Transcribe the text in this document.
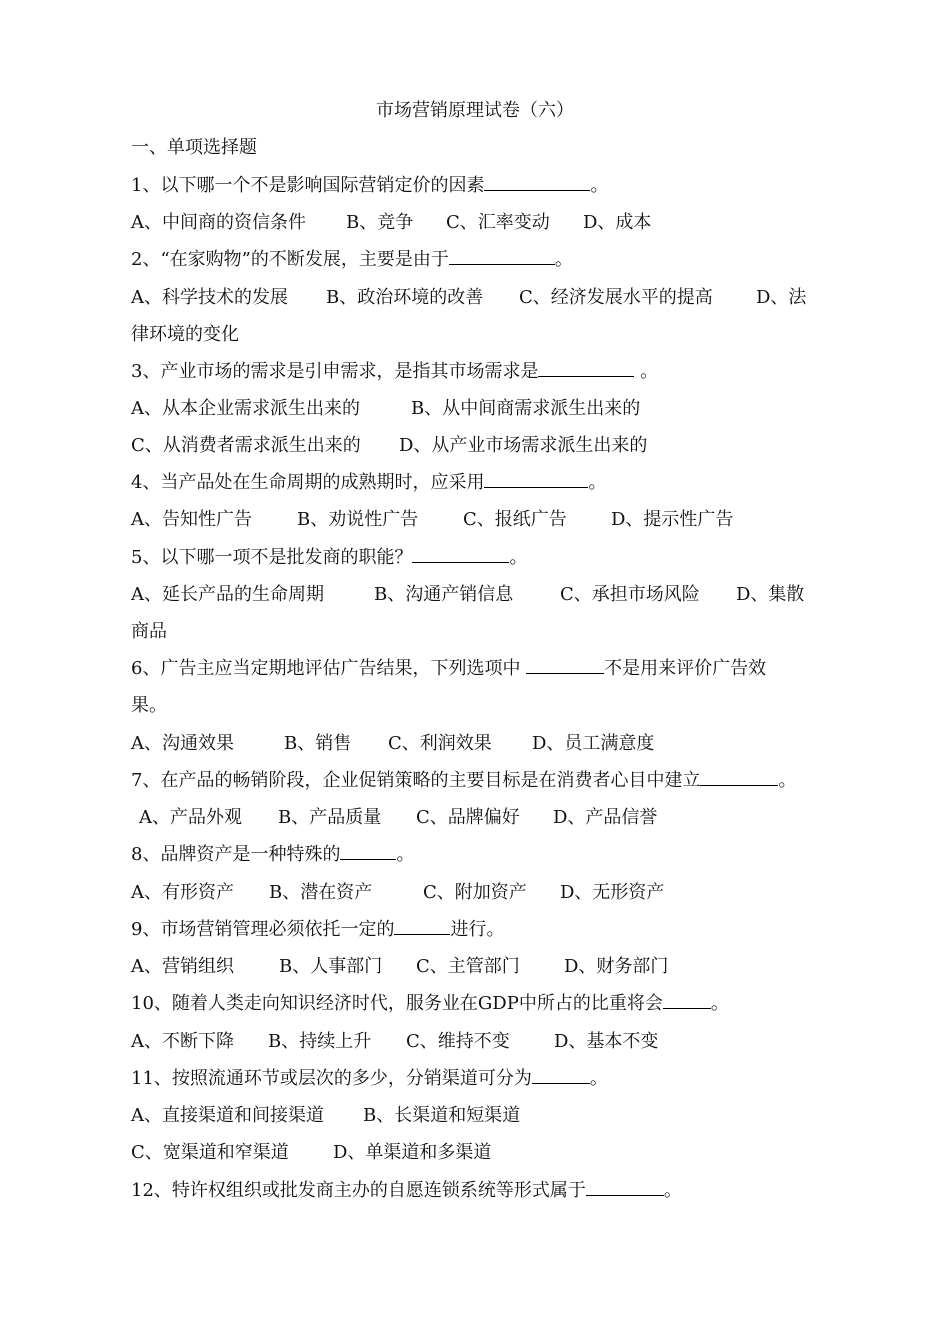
市场营销原理试卷（六）
一、单项选择题
1、以下哪一个不是影响国际营销定价的因素	。
A、中间商的资信条件 B、竞争 C、汇率变动 D、成本
2、“在家购物”的不断发展，主要是由于	。
A、科学技术的发展 B、政治环境的改善 C、经济发展水平的提高 D、法
律环境的变化
3、产业市场的需求是引申需求，是指其市场需求是	。
A、从本企业需求派生出来的	B、从中间商需求派生出来的
C、从消费者需求派生出来的 D、从产业市场需求派生出来的
4、当产品处在生命周期的成熟期时，应采用	。
A、告知性广告	B、劝说性广告 C、报纸广告 D、提示性广告
5、以下哪一项不是批发商的职能？	。
A、延长产品的生命周期	B、沟通产销信息	C、承担市场风险 D、集散
商品
6、广告主应当定期地评估广告结果，下列选项中	不是用来评价广告效
果。
A、沟通效果	B、销售 C、利润效果 D、员工满意度
7、在产品的畅销阶段，企业促销策略的主要目标是在消费者心目中建立	。
A、产品外观 B、产品质量 C、品牌偏好 D、产品信誉
8、品牌资产是一种特殊的	。
A、有形资产 B、潜在资产	C、附加资产 D、无形资产
9、市场营销管理必须依托一定的	进行。
A、营销组织	B、人事部门 C、主管部门 D、财务部门
10、随着人类走向知识经济时代，服务业在GDP中所占的比重将会	。
A、不断下降 B、持续上升 C、维持不变 D、基本不变
11、按照流通环节或层次的多少，分销渠道可分为	。
A、直接渠道和间接渠道 B、长渠道和短渠道
C、宽渠道和窄渠道 D、单渠道和多渠道
12、特许权组织或批发商主办的自愿连锁系统等形式属于	。
